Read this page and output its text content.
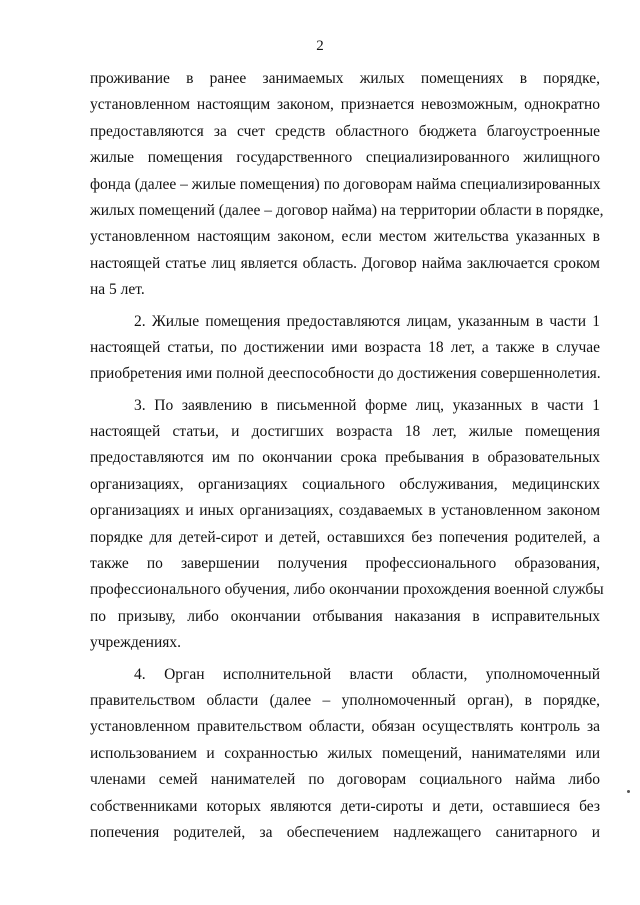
2
проживание в ранее занимаемых жилых помещениях в порядке,
установленном настоящим законом, признается невозможным, однократно
предоставляются за счет средств областного бюджета благоустроенные
жилые помещения государственного специализированного жилищного
фонда (далее – жилые помещения) по договорам найма специализированных
жилых помещений (далее – договор найма) на территории области в порядке,
установленном настоящим законом, если местом жительства указанных в
настоящей статье лиц является область. Договор найма заключается сроком
на 5 лет.
2. Жилые помещения предоставляются лицам, указанным в части 1
настоящей статьи, по достижении ими возраста 18 лет, а также в случае
приобретения ими полной дееспособности до достижения совершеннолетия.
3. По заявлению в письменной форме лиц, указанных в части 1
настоящей статьи, и достигших возраста 18 лет, жилые помещения
предоставляются им по окончании срока пребывания в образовательных
организациях, организациях социального обслуживания, медицинских
организациях и иных организациях, создаваемых в установленном законом
порядке для детей-сирот и детей, оставшихся без попечения родителей, а
также по завершении получения профессионального образования,
профессионального обучения, либо окончании прохождения военной службы
по призыву, либо окончании отбывания наказания в исправительных
учреждениях.
4. Орган исполнительной власти области, уполномоченный
правительством области (далее – уполномоченный орган), в порядке,
установленном правительством области, обязан осуществлять контроль за
использованием и сохранностью жилых помещений, нанимателями или
членами семей нанимателей по договорам социального найма либо
собственниками которых являются дети-сироты и дети, оставшиеся без
попечения родителей, за обеспечением надлежащего санитарного и
